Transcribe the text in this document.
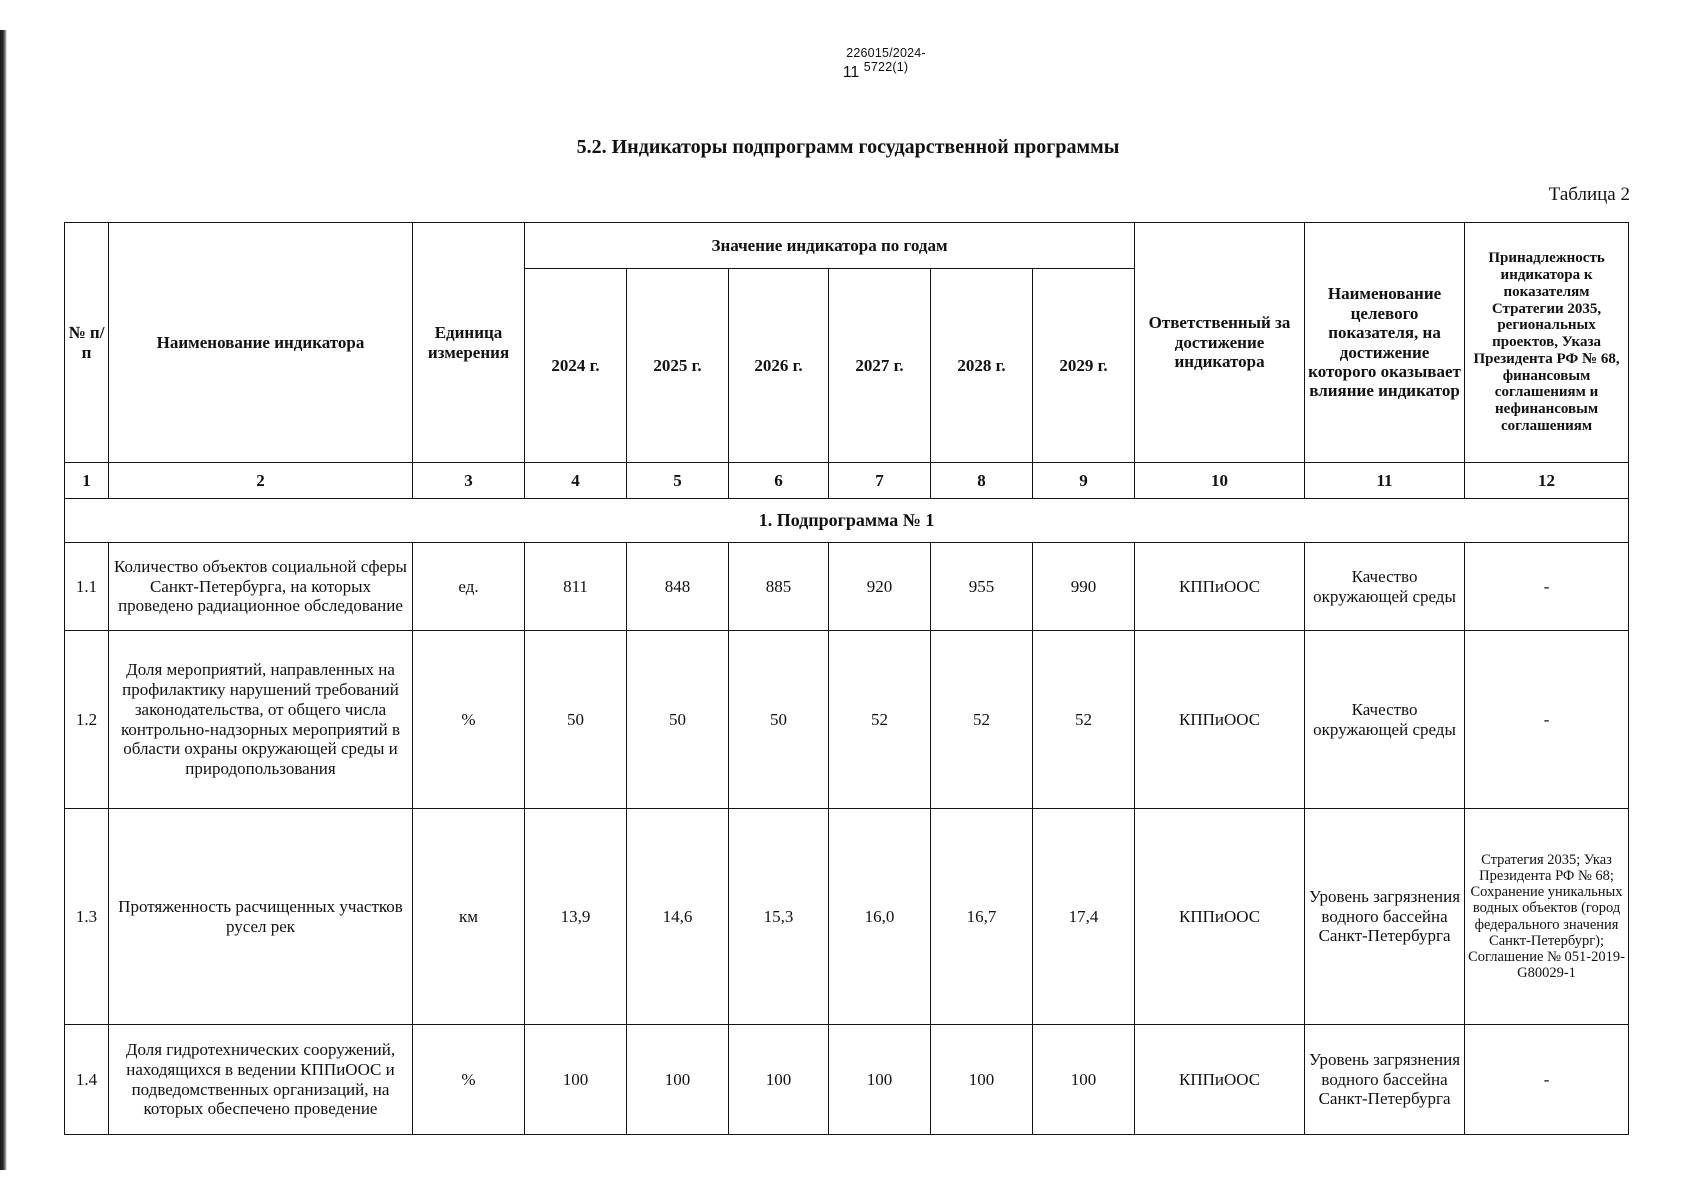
226015/2024-5722(1)
11
5.2. Индикаторы подпрограмм государственной программы
Таблица 2
№ п/п	Наименование индикатора	Единица измерения	Значение индикатора по годам						Ответственный за достижение индикатора	Наименование целевого показателя, на достижение которого оказывает влияние индикатор	Принадлежность индикатора к показателям Стратегии 2035, региональных проектов, Указа Президента РФ № 68, финансовым соглашениям и нефинансовым соглашениям
			2024 г.	2025 г.	2026 г.	2027 г.	2028 г.	2029 г.			
1	2	3	4	5	6	7	8	9	10	11	12
1. Подпрограмма № 1											
1.1	Количество объектов социальной сферы Санкт-Петербурга, на которых проведено радиационное обследование	ед.	811	848	885	920	955	990	КППиООС	Качество окружающей среды	-
1.2	Доля мероприятий, направленных на профилактику нарушений требований законодательства, от общего числа контрольно-надзорных мероприятий в области охраны окружающей среды и природопользования	%	50	50	50	52	52	52	КППиООС	Качество окружающей среды	-
1.3	Протяженность расчищенных участков русел рек	км	13,9	14,6	15,3	16,0	16,7	17,4	КППиООС	Уровень загрязнения водного бассейна Санкт-Петербурга	Стратегия 2035; Указ Президента РФ № 68; Сохранение уникальных водных объектов (город федерального значения Санкт-Петербург); Соглашение № 051-2019-G80029-1
1.4	Доля гидротехнических сооружений, находящихся в ведении КППиООС и подведомственных организаций, на которых обеспечено проведение	%	100	100	100	100	100	100	КППиООС	Уровень загрязнения водного бассейна Санкт-Петербурга	-
